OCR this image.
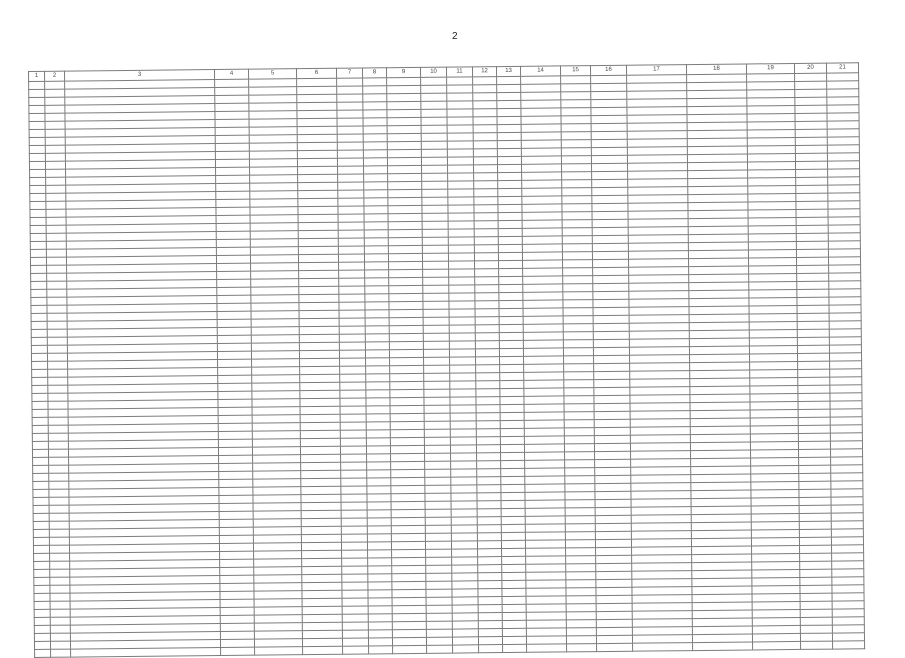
2
1	2	3	4	5	6	7	8	9	10	11	12	13	14	15	16	17	18	19	20	21
